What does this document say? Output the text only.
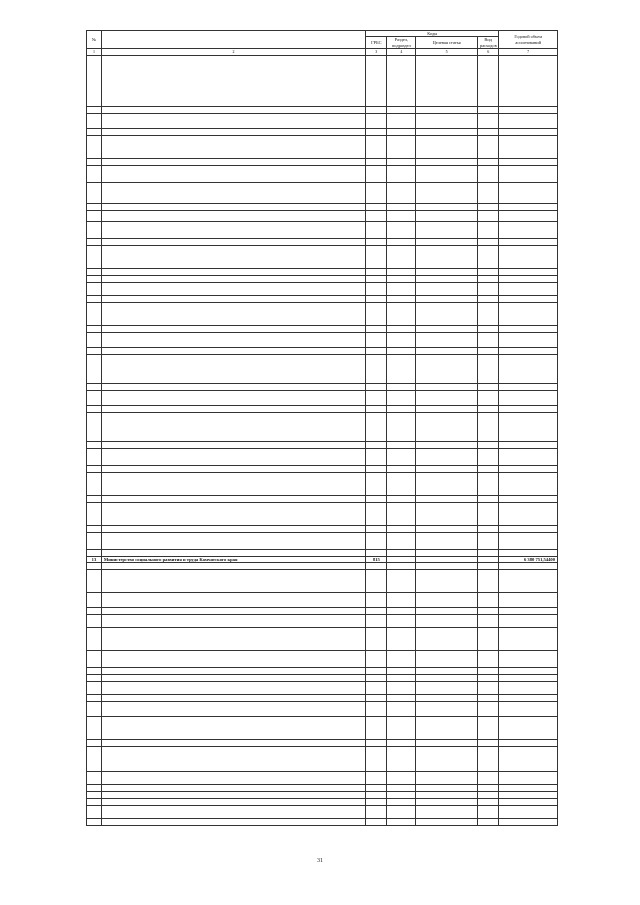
№		Коды				Годовой объем ассигнований
		ГРБС	Раздел, подраздел	Целевая статья	Вид расходов	
1	2	3	4	5	6	7

13	Министерство социального развития и труда Камчатского края	815				6 380 751,54400

31
